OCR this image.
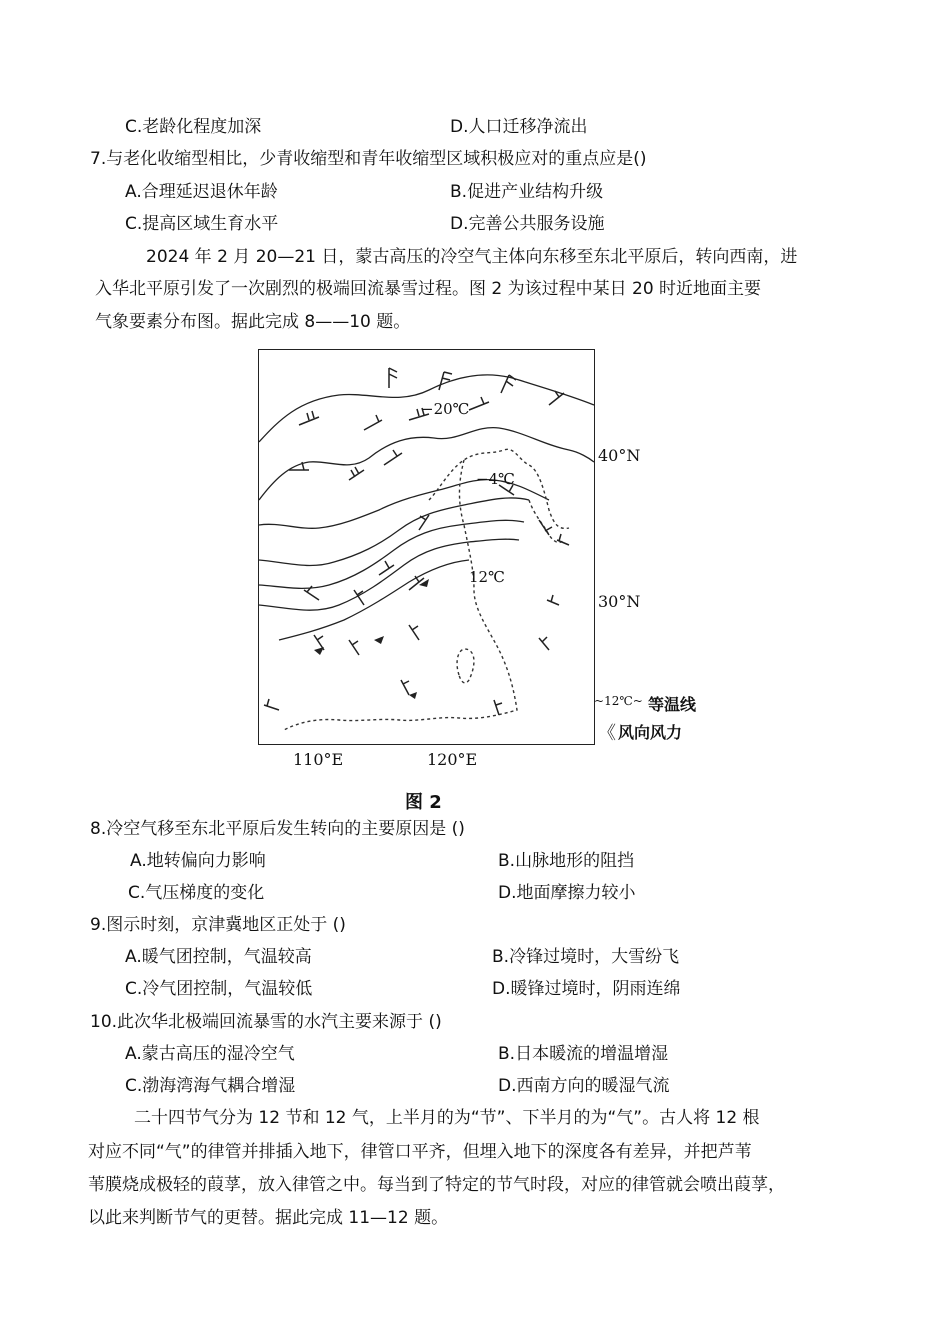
C.老龄化程度加深	D.人口迁移净流出
7.与老化收缩型相比，少青收缩型和青年收缩型区域积极应对的重点应是()
A.合理延迟退休年龄	B.促进产业结构升级
C.提高区域生育水平	D.完善公共服务设施
2024 年 2 月 20—21 日，蒙古高压的冷空气主体向东移至东北平原后，转向西南，进
入华北平原引发了一次剧烈的极端回流暴雪过程。图 2 为该过程中某日 20 时近地面主要
气象要素分布图。据此完成 8——10 题。
−20℃
−4℃
12℃
40°N
30°N
110°E	120°E
~12℃~ 等温线
《 风向风力
图 2
8.冷空气移至东北平原后发生转向的主要原因是 ()
A.地转偏向力影响	B.山脉地形的阻挡
C.气压梯度的变化	D.地面摩擦力较小
9.图示时刻，京津冀地区正处于 ()
A.暖气团控制，气温较高	B.冷锋过境时，大雪纷飞
C.冷气团控制，气温较低	D.暖锋过境时，阴雨连绵
10.此次华北极端回流暴雪的水汽主要来源于 ()
A.蒙古高压的湿冷空气	B.日本暖流的增温增湿
C.渤海湾海气耦合增湿	D.西南方向的暖湿气流
二十四节气分为 12 节和 12 气，上半月的为“节”、下半月的为“气”。古人将 12 根
对应不同“气”的律管并排插入地下，律管口平齐，但埋入地下的深度各有差异，并把芦苇
苇膜烧成极轻的葭莩，放入律管之中。每当到了特定的节气时段，对应的律管就会喷出葭莩，
以此来判断节气的更替。据此完成 11—12 题。
